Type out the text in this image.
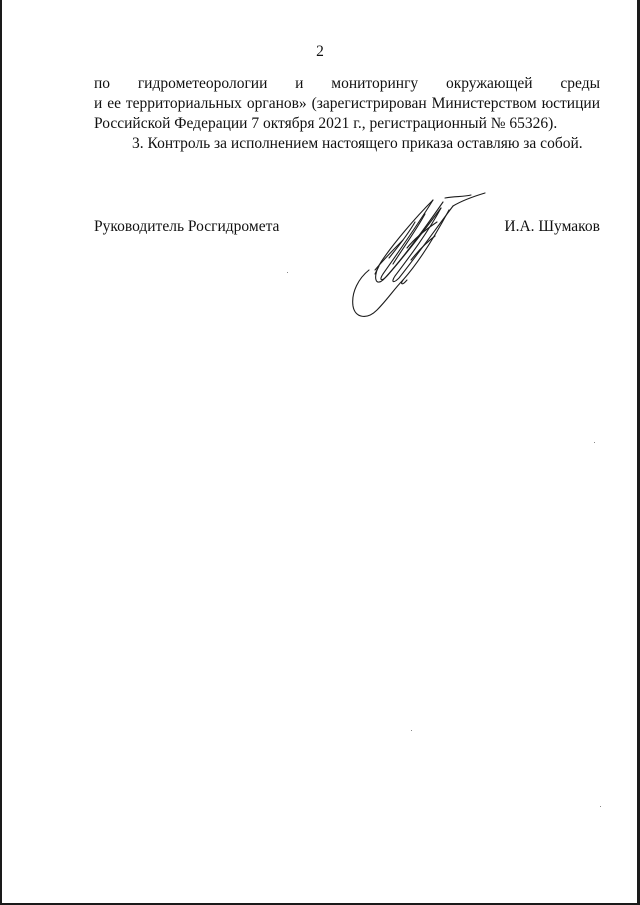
2

по гидрометеорологии и мониторингу окружающей среды

и ее территориальных органов» (зарегистрирован Министерством юстиции

Российской Федерации 7 октября 2021 г., регистрационный № 65326).

3. Контроль за исполнением настоящего приказа оставляю за собой.

Руководитель Росгидромета	И.А. Шумаков
